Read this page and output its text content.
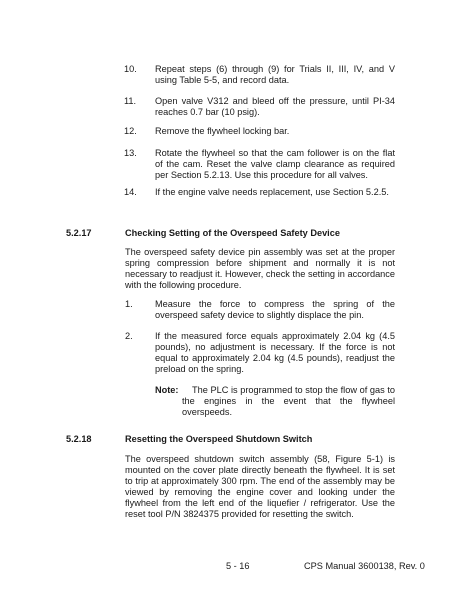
10. Repeat steps (6) through (9) for Trials II, III, IV, and V using Table 5-5, and record data.
11. Open valve V312 and bleed off the pressure, until PI-34 reaches 0.7 bar (10 psig).
12. Remove the flywheel locking bar.
13. Rotate the flywheel so that the cam follower is on the flat of the cam. Reset the valve clamp clearance as required per Section 5.2.13. Use this procedure for all valves.
14. If the engine valve needs replacement, use Section 5.2.5.
5.2.17	Checking Setting of the Overspeed Safety Device
The overspeed safety device pin assembly was set at the proper spring compression before shipment and normally it is not necessary to readjust it. However, check the setting in accordance with the following procedure.
1. Measure the force to compress the spring of the overspeed safety device to slightly displace the pin.
2. If the measured force equals approximately 2.04 kg (4.5 pounds), no adjustment is necessary. If the force is not equal to approximately 2.04 kg (4.5 pounds), readjust the preload on the spring.
Note:	The PLC is programmed to stop the flow of gas to the engines in the event that the flywheel overspeeds.
5.2.18	Resetting the Overspeed Shutdown Switch
The overspeed shutdown switch assembly (58, Figure 5-1) is mounted on the cover plate directly beneath the flywheel. It is set to trip at approximately 300 rpm. The end of the assembly may be viewed by removing the engine cover and looking under the flywheel from the left end of the liquefier / refrigerator. Use the reset tool P/N 3824375 provided for resetting the switch.
5 - 16	CPS Manual 3600138, Rev. 0
